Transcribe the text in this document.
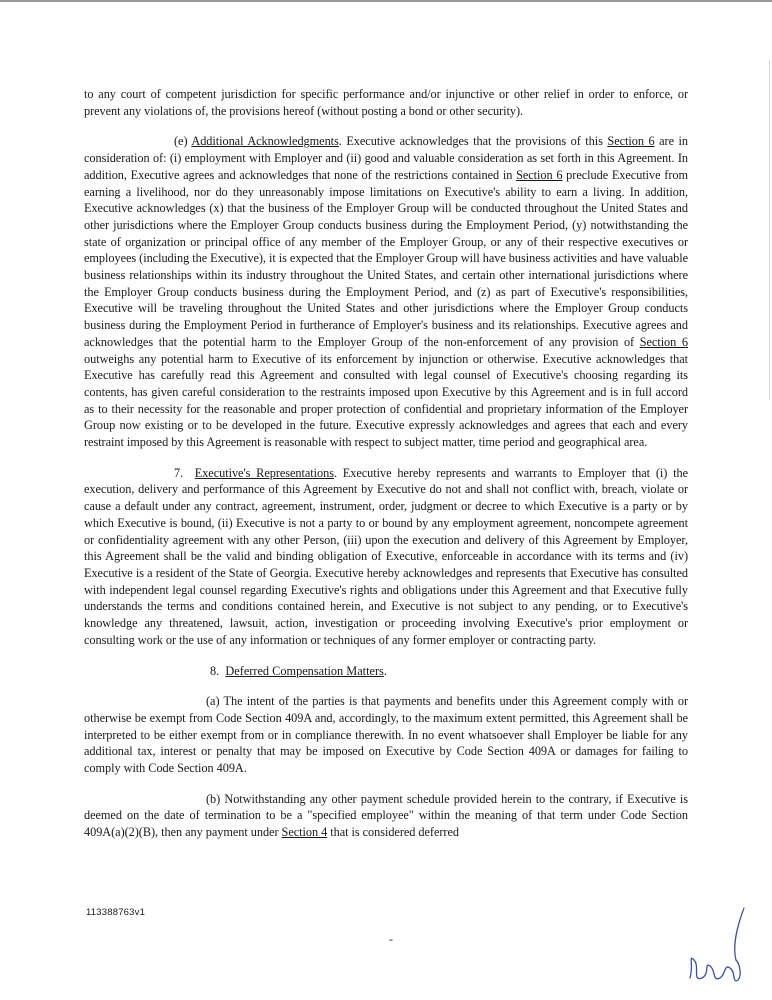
to any court of competent jurisdiction for specific performance and/or injunctive or other relief in order to enforce, or prevent any violations of, the provisions hereof (without posting a bond or other security).

(e) Additional Acknowledgments. Executive acknowledges that the provisions of this Section 6 are in consideration of: (i) employment with Employer and (ii) good and valuable consideration as set forth in this Agreement. In addition, Executive agrees and acknowledges that none of the restrictions contained in Section 6 preclude Executive from earning a livelihood, nor do they unreasonably impose limitations on Executive's ability to earn a living. In addition, Executive acknowledges (x) that the business of the Employer Group will be conducted throughout the United States and other jurisdictions where the Employer Group conducts business during the Employment Period, (y) notwithstanding the state of organization or principal office of any member of the Employer Group, or any of their respective executives or employees (including the Executive), it is expected that the Employer Group will have business activities and have valuable business relationships within its industry throughout the United States, and certain other international jurisdictions where the Employer Group conducts business during the Employment Period, and (z) as part of Executive's responsibilities, Executive will be traveling throughout the United States and other jurisdictions where the Employer Group conducts business during the Employment Period in furtherance of Employer's business and its relationships. Executive agrees and acknowledges that the potential harm to the Employer Group of the non-enforcement of any provision of Section 6 outweighs any potential harm to Executive of its enforcement by injunction or otherwise. Executive acknowledges that Executive has carefully read this Agreement and consulted with legal counsel of Executive's choosing regarding its contents, has given careful consideration to the restraints imposed upon Executive by this Agreement and is in full accord as to their necessity for the reasonable and proper protection of confidential and proprietary information of the Employer Group now existing or to be developed in the future. Executive expressly acknowledges and agrees that each and every restraint imposed by this Agreement is reasonable with respect to subject matter, time period and geographical area.

7. Executive's Representations. Executive hereby represents and warrants to Employer that (i) the execution, delivery and performance of this Agreement by Executive do not and shall not conflict with, breach, violate or cause a default under any contract, agreement, instrument, order, judgment or decree to which Executive is a party or by which Executive is bound, (ii) Executive is not a party to or bound by any employment agreement, noncompete agreement or confidentiality agreement with any other Person, (iii) upon the execution and delivery of this Agreement by Employer, this Agreement shall be the valid and binding obligation of Executive, enforceable in accordance with its terms and (iv) Executive is a resident of the State of Georgia. Executive hereby acknowledges and represents that Executive has consulted with independent legal counsel regarding Executive's rights and obligations under this Agreement and that Executive fully understands the terms and conditions contained herein, and Executive is not subject to any pending, or to Executive's knowledge any threatened, lawsuit, action, investigation or proceeding involving Executive's prior employment or consulting work or the use of any information or techniques of any former employer or contracting party.

8. Deferred Compensation Matters.

(a) The intent of the parties is that payments and benefits under this Agreement comply with or otherwise be exempt from Code Section 409A and, accordingly, to the maximum extent permitted, this Agreement shall be interpreted to be either exempt from or in compliance therewith. In no event whatsoever shall Employer be liable for any additional tax, interest or penalty that may be imposed on Executive by Code Section 409A or damages for failing to comply with Code Section 409A.

(b) Notwithstanding any other payment schedule provided herein to the contrary, if Executive is deemed on the date of termination to be a "specified employee" within the meaning of that term under Code Section 409A(a)(2)(B), then any payment under Section 4 that is considered deferred

113388763v1
-
